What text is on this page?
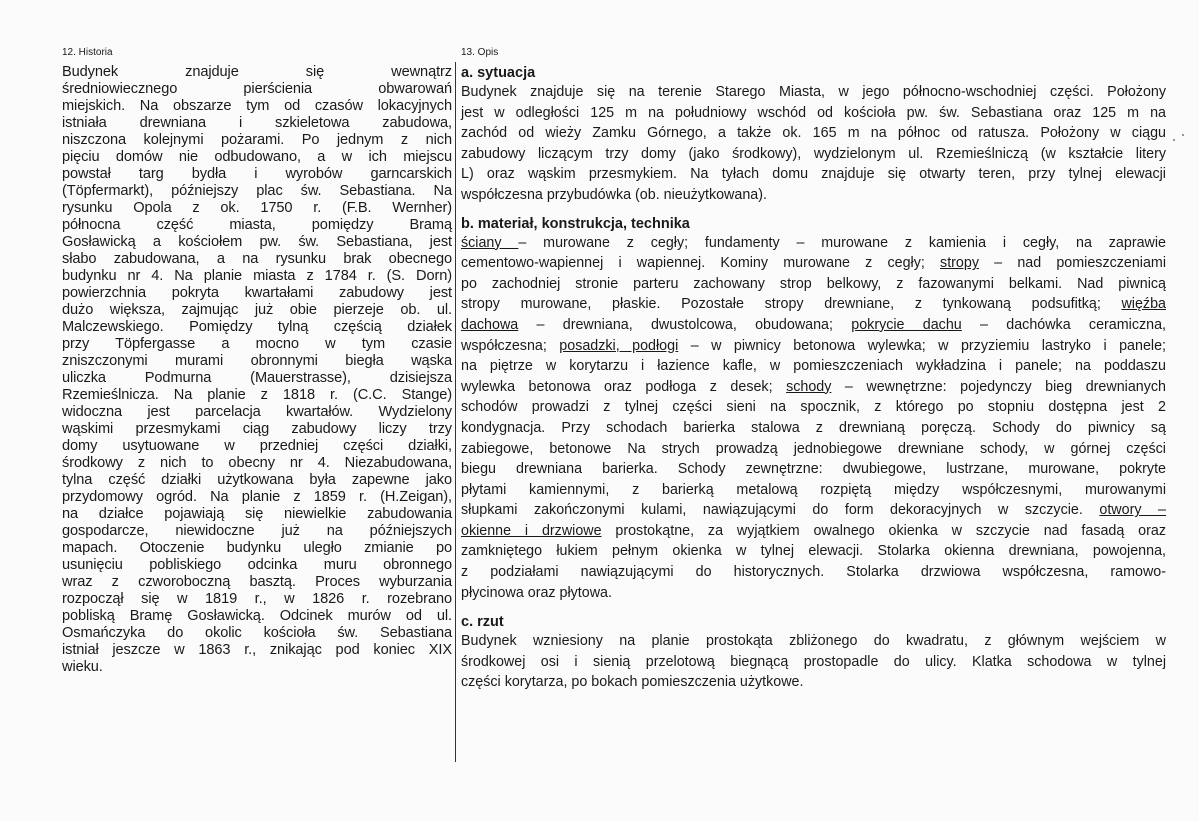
12. Historia

Budynek znajduje się wewnątrz
średniowiecznego pierścienia obwarowań
miejskich. Na obszarze tym od czasów lokacyjnych
istniała drewniana i szkieletowa zabudowa,
niszczona kolejnymi pożarami. Po jednym z nich
pięciu domów nie odbudowano, a w ich miejscu
powstał targ bydła i wyrobów garncarskich
(Töpfermarkt), późniejszy plac św. Sebastiana. Na
rysunku Opola z ok. 1750 r. (F.B. Wernher)
północna część miasta, pomiędzy Bramą
Gosławicką a kościołem pw. św. Sebastiana, jest
słabo zabudowana, a na rysunku brak obecnego
budynku nr 4. Na planie miasta z 1784 r. (S. Dorn)
powierzchnia pokryta kwartałami zabudowy jest
dużo większa, zajmując już obie pierzeje ob. ul.
Malczewskiego. Pomiędzy tylną częścią działek
przy Töpfergasse a mocno w tym czasie
zniszczonymi murami obronnymi biegła wąska
uliczka Podmurna (Mauerstrasse), dzisiejsza
Rzemieślnicza. Na planie z 1818 r. (C.C. Stange)
widoczna jest parcelacja kwartałów. Wydzielony
wąskimi przesmykami ciąg zabudowy liczy trzy
domy usytuowane w przedniej części działki,
środkowy z nich to obecny nr 4. Niezabudowana,
tylna część działki użytkowana była zapewne jako
przydomowy ogród. Na planie z 1859 r. (H.Zeigan),
na działce pojawiają się niewielkie zabudowania
gospodarcze, niewidoczne już na późniejszych
mapach. Otoczenie budynku uległo zmianie po
usunięciu pobliskiego odcinka muru obronnego
wraz z czworoboczną basztą. Proces wyburzania
rozpoczął się w 1819 r., w 1826 r. rozebrano
pobliską Bramę Gosławicką. Odcinek murów od ul.
Osmańczyka do okolic kościoła św. Sebastiana
istniał jeszcze w 1863 r., znikając pod koniec XIX
wieku.

13. Opis

a. sytuacja

Budynek znajduje się na terenie Starego Miasta, w jego północno-wschodniej części. Położony
jest w odległości 125 m na południowy wschód od kościoła pw. św. Sebastiana oraz 125 m na
zachód od wieży Zamku Górnego, a także ok. 165 m na północ od ratusza. Położony w ciągu
zabudowy liczącym trzy domy (jako środkowy), wydzielonym ul. Rzemieślniczą (w kształcie litery
L) oraz wąskim przesmykiem. Na tyłach domu znajduje się otwarty teren, przy tylnej elewacji
współczesna przybudówka (ob. nieużytkowana).

b. materiał, konstrukcja, technika

ściany – murowane z cegły; fundamenty – murowane z kamienia i cegły, na zaprawie
cementowo-wapiennej i wapiennej. Kominy murowane z cegły; stropy – nad pomieszczeniami
po zachodniej stronie parteru zachowany strop belkowy, z fazowanymi belkami. Nad piwnicą
stropy murowane, płaskie. Pozostałe stropy drewniane, z tynkowaną podsufitką; więźba
dachowa – drewniana, dwustolcowa, obudowana; pokrycie dachu – dachówka ceramiczna,
współczesna; posadzki, podłogi – w piwnicy betonowa wylewka; w przyziemiu lastryko i panele;
na piętrze w korytarzu i łazience kafle, w pomieszczeniach wykładzina i panele; na poddaszu
wylewka betonowa oraz podłoga z desek; schody – wewnętrzne: pojedynczy bieg drewnianych
schodów prowadzi z tylnej części sieni na spocznik, z którego po stopniu dostępna jest 2
kondygnacja. Przy schodach barierka stalowa z drewnianą poręczą. Schody do piwnicy są
zabiegowe, betonowe Na strych prowadzą jednobiegowe drewniane schody, w górnej części
biegu drewniana barierka. Schody zewnętrzne: dwubiegowe, lustrzane, murowane, pokryte
płytami kamiennymi, z barierką metalową rozpiętą między współczesnymi, murowanymi
słupkami zakończonymi kulami, nawiązującymi do form dekoracyjnych w szczycie. otwory –
okienne i drzwiowe prostokątne, za wyjątkiem owalnego okienka w szczycie nad fasadą oraz
zamkniętego łukiem pełnym okienka w tylnej elewacji. Stolarka okienna drewniana, powojenna,
z podziałami nawiązującymi do historycznych. Stolarka drzwiowa współczesna, ramowo-
płycinowa oraz płytowa.

c. rzut

Budynek wzniesiony na planie prostokąta zbliżonego do kwadratu, z głównym wejściem w
środkowej osi i sienią przelotową biegnącą prostopadle do ulicy. Klatka schodowa w tylnej
części korytarza, po bokach pomieszczenia użytkowe.
